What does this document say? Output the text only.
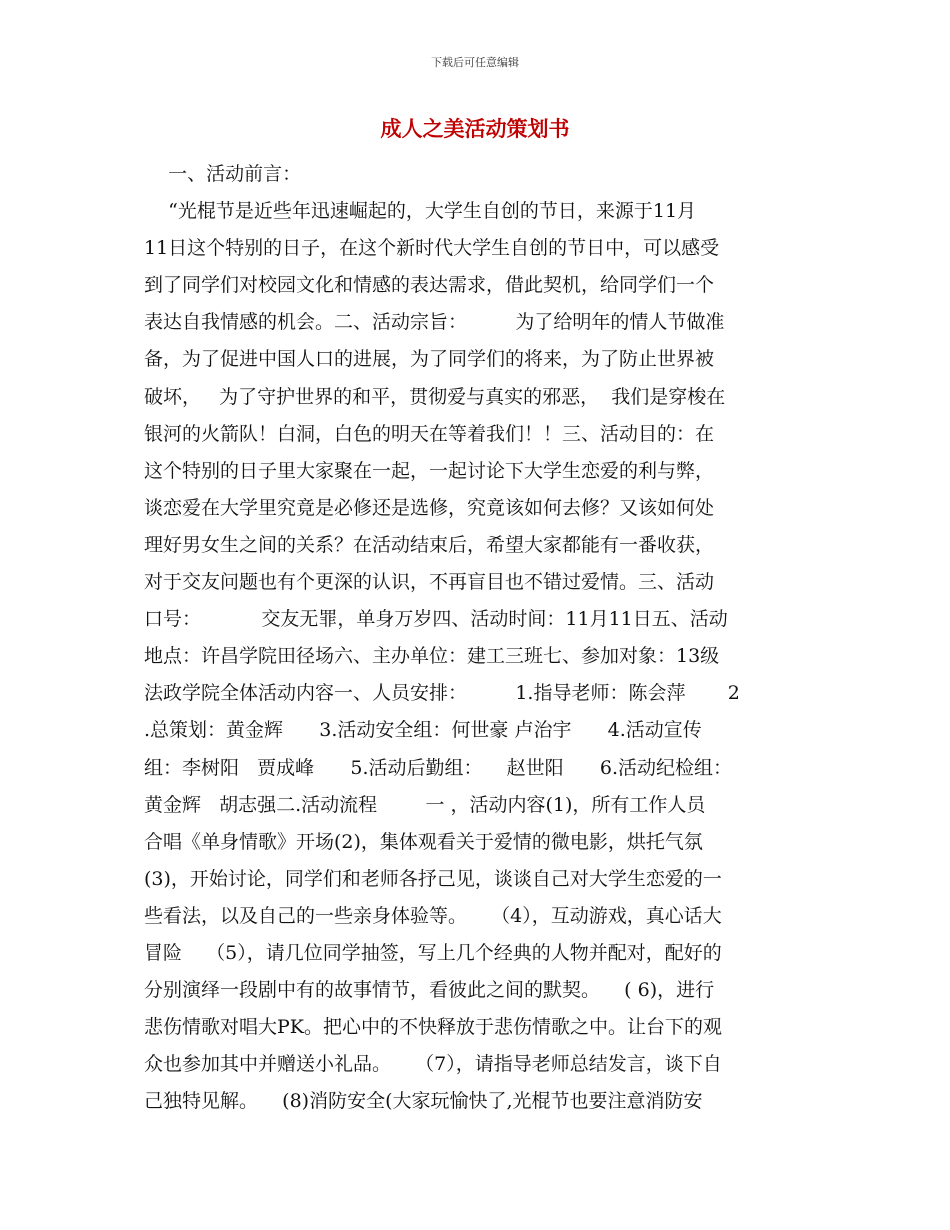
下载后可任意编辑
成人之美活动策划书
一、活动前言：
“光棍节是近些年迅速崛起的，大学生自创的节日，来源于11月
11日这个特别的日子，在这个新时代大学生自创的节日中，可以感受
到了同学们对校园文化和情感的表达需求，借此契机，给同学们一个
表达自我情感的机会。二、活动宗旨：        为了给明年的情人节做准
备，为了促进中国人口的进展，为了同学们的将来，为了防止世界被
破坏，   为了守护世界的和平，贯彻爱与真实的邪恶，  我们是穿梭在
银河的火箭队！白洞，白色的明天在等着我们！！三、活动目的：在
这个特别的日子里大家聚在一起，一起讨论下大学生恋爱的利与弊，
谈恋爱在大学里究竟是必修还是选修，究竟该如何去修？又该如何处
理好男女生之间的关系？在活动结束后，希望大家都能有一番收获，
对于交友问题也有个更深的认识，不再盲目也不错过爱情。三、活动
口号：          交友无罪，单身万岁四、活动时间：11月11日五、活动
地点：许昌学院田径场六、主办单位：建工三班七、参加对象：13级
法政学院全体活动内容一、人员安排：        1.指导老师：陈会萍       2
.总策划：黄金辉      3.活动安全组：何世豪 卢治宇      4.活动宣传
组：李树阳   贾成峰      5.活动后勤组：    赵世阳      6.活动纪检组：
黄金辉   胡志强二.活动流程        一 ，活动内容(1)，所有工作人员
合唱《单身情歌》开场(2)，集体观看关于爱情的微电影，烘托气氛
(3)，开始讨论，同学们和老师各抒己见，谈谈自己对大学生恋爱的一
些看法，以及自己的一些亲身体验等。    （4），互动游戏，真心话大
冒险    （5），请几位同学抽签，写上几个经典的人物并配对，配好的
分别演绎一段剧中有的故事情节，看彼此之间的默契。    ( 6)，进行
悲伤情歌对唱大PK。把心中的不快释放于悲伤情歌之中。让台下的观
众也参加其中并赠送小礼品。    （7），请指导老师总结发言，谈下自
己独特见解。    (8)消防安全(大家玩愉快了,光棍节也要注意消防安
